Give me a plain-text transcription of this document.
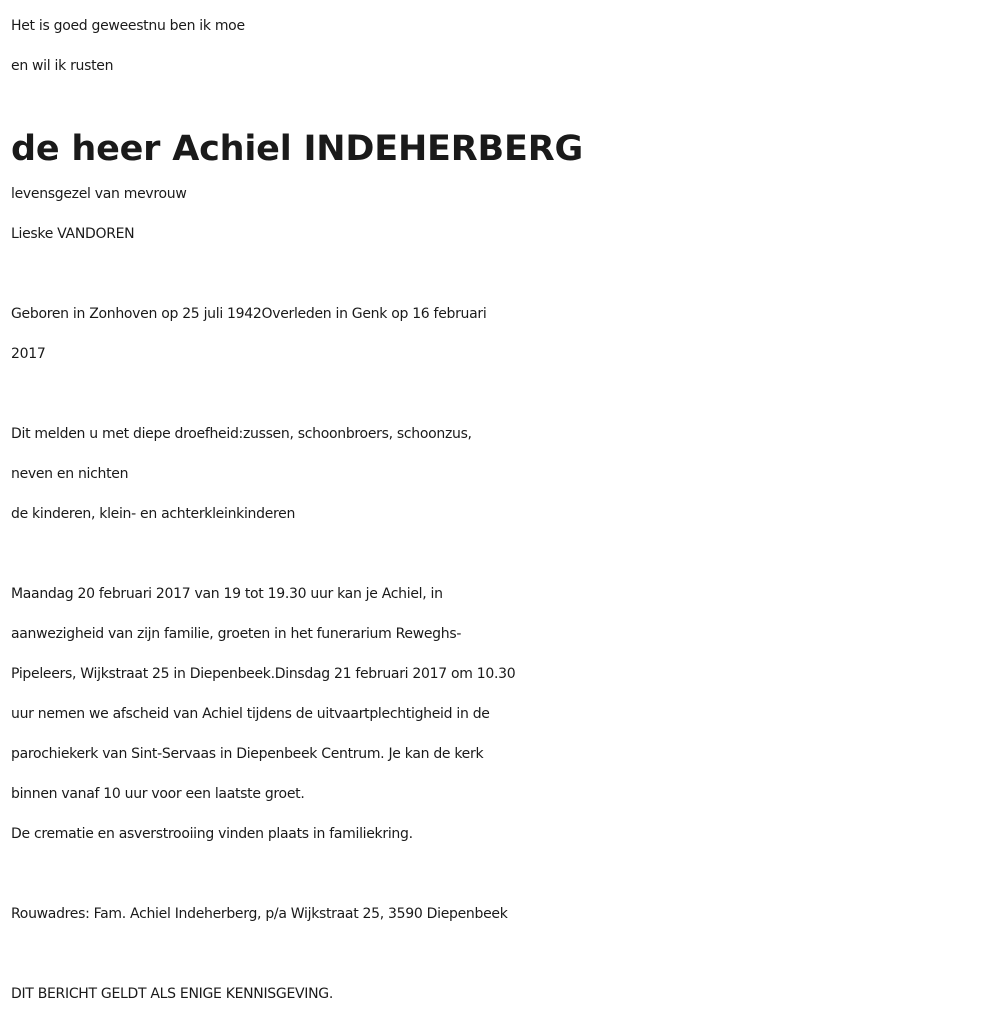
Het is goed geweestnu ben ik moe
en wil ik rusten
de heer Achiel INDEHERBERG
levensgezel van mevrouw
Lieske VANDOREN
Geboren in Zonhoven op 25 juli 1942Overleden in Genk op 16 februari
2017
Dit melden u met diepe droefheid:zussen, schoonbroers, schoonzus,
neven en nichten
de kinderen, klein- en achterkleinkinderen
Maandag 20 februari 2017 van 19 tot 19.30 uur kan je Achiel, in
aanwezigheid van zijn familie, groeten in het funerarium Reweghs-
Pipeleers, Wijkstraat 25 in Diepenbeek.Dinsdag 21 februari 2017 om 10.30
uur nemen we afscheid van Achiel tijdens de uitvaartplechtigheid in de
parochiekerk van Sint-Servaas in Diepenbeek Centrum. Je kan de kerk
binnen vanaf 10 uur voor een laatste groet.
De crematie en asverstrooiing vinden plaats in familiekring.
Rouwadres: Fam. Achiel Indeherberg, p/a Wijkstraat 25, 3590 Diepenbeek
DIT BERICHT GELDT ALS ENIGE KENNISGEVING.
